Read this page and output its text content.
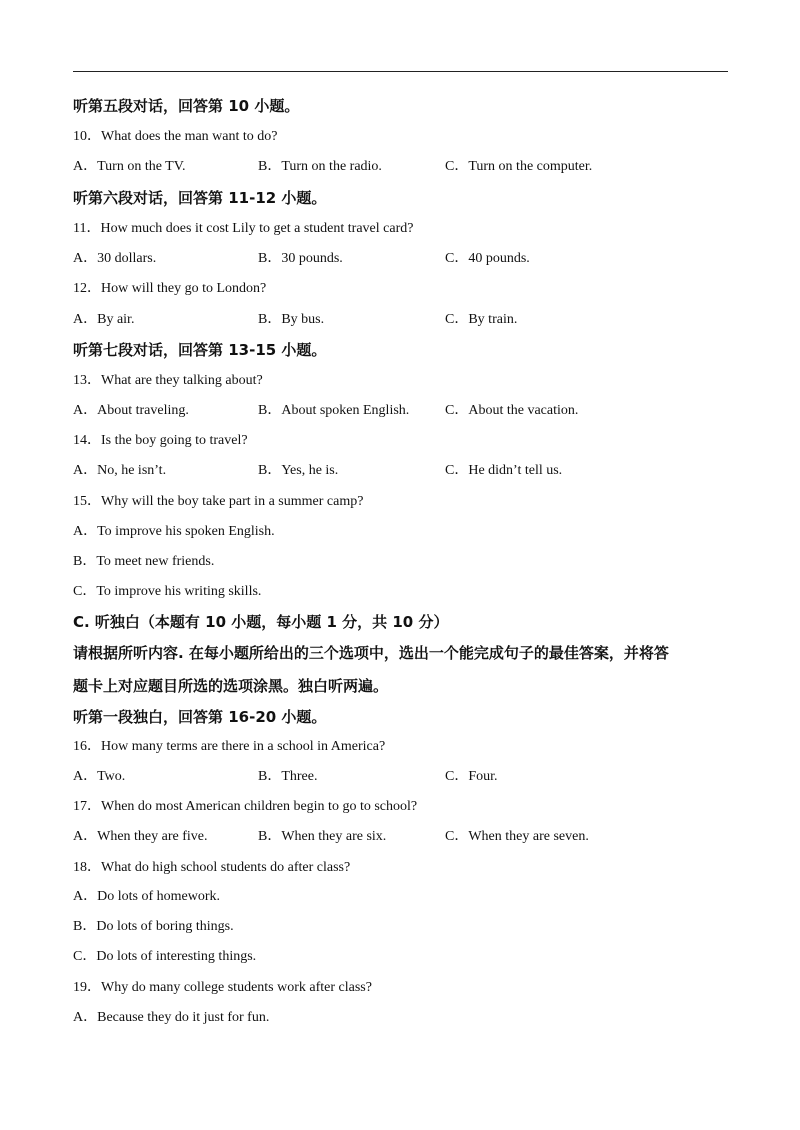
听第五段对话，回答第 10 小题。
10．What does the man want to do?
A．Turn on the TV.	B．Turn on the radio.	C．Turn on the computer.
听第六段对话，回答第 11-12 小题。
11．How much does it cost Lily to get a student travel card?
A．30 dollars.	B．30 pounds.	C．40 pounds.
12．How will they go to London?
A．By air.	B．By bus.	C．By train.
听第七段对话，回答第 13-15 小题。
13．What are they talking about?
A．About traveling.	B．About spoken English.	C．About the vacation.
14．Is the boy going to travel?
A．No, he isn’t.	B．Yes, he is.	C．He didn’t tell us.
15．Why will the boy take part in a summer camp?
A．To improve his spoken English.
B．To meet new friends.
C．To improve his writing skills.
C. 听独白（本题有 10 小题，每小题 1 分，共 10 分）
请根据所听内容. 在每小题所给出的三个选项中，选出一个能完成句子的最佳答案，并将答
题卡上对应题目所选的选项涂黑。独白听两遍。
听第一段独白，回答第 16-20 小题。
16．How many terms are there in a school in America?
A．Two.	B．Three.	C．Four.
17．When do most American children begin to go to school?
A．When they are five.	B．When they are six.	C．When they are seven.
18．What do high school students do after class?
A．Do lots of homework.
B．Do lots of boring things.
C．Do lots of interesting things.
19．Why do many college students work after class?
A．Because they do it just for fun.
